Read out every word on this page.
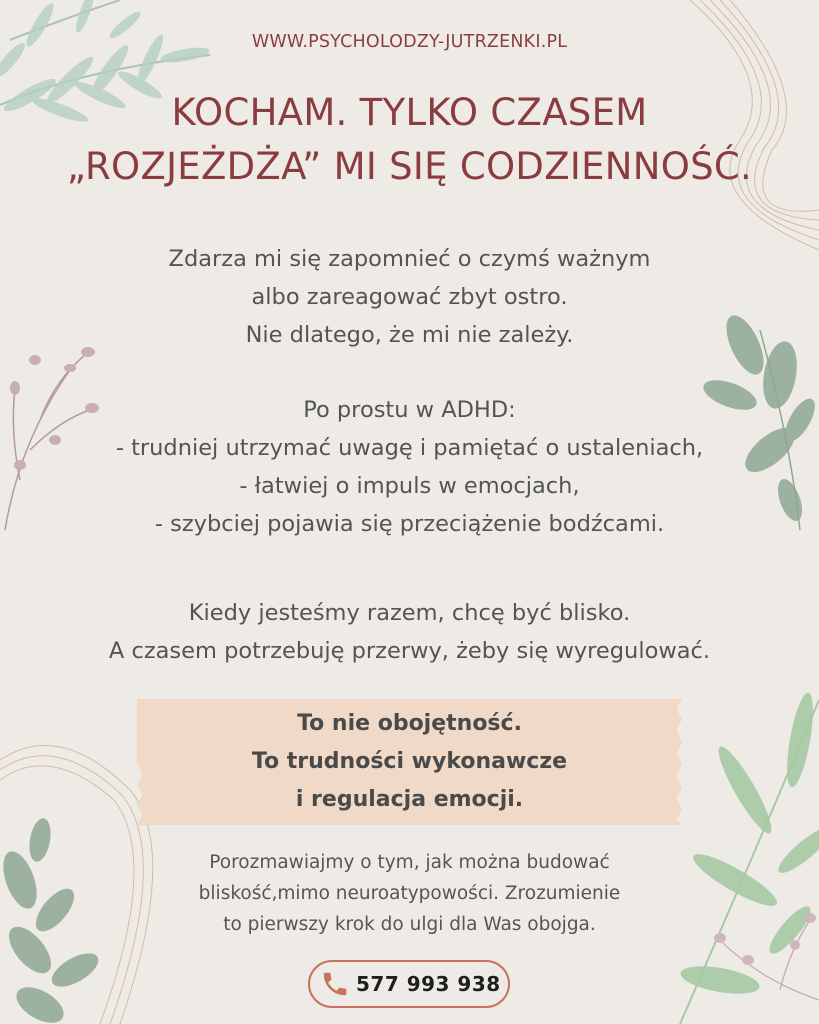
WWW.PSYCHOLODZY-JUTRZENKI.PL
KOCHAM. TYLKO CZASEM
„ROZJEŻDŻA” MI SIĘ CODZIENNOŚĆ.
Zdarza mi się zapomnieć o czymś ważnym
albo zareagować zbyt ostro.
Nie dlatego, że mi nie zależy.
Po prostu w ADHD:
- trudniej utrzymać uwagę i pamiętać o ustaleniach,
- łatwiej o impuls w emocjach,
- szybciej pojawia się przeciążenie bodźcami.
Kiedy jesteśmy razem, chcę być blisko.
A czasem potrzebuję przerwy, żeby się wyregulować.
To nie obojętność.
To trudności wykonawcze
i regulacja emocji.
Porozmawiajmy o tym, jak można budować
bliskość,mimo neuroatypowości. Zrozumienie
to pierwszy krok do ulgi dla Was obojga.
577 993 938
